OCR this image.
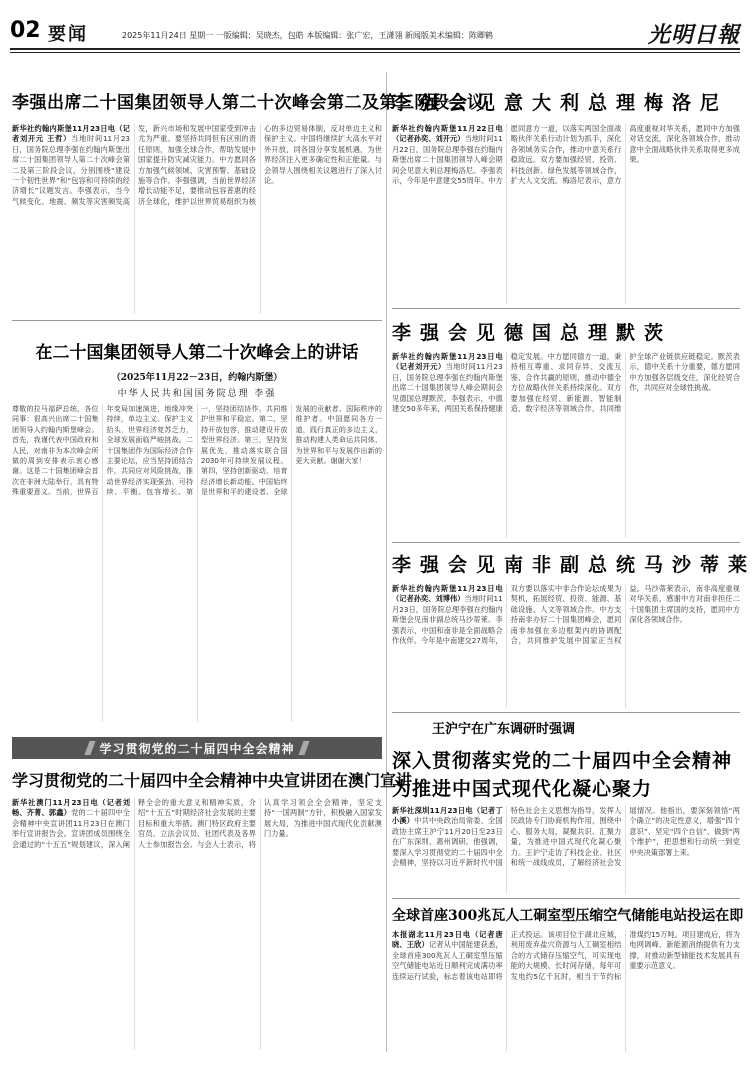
02 要闻	2025年11月24日 星期一 一版编辑：吴晓杰，包皓 本版编辑：张广宏，王潇翎 新闻版美术编辑：陈卿鹤	光明日報
李强出席二十国集团领导人第二十次峰会第二及第三阶段会议
新华社约翰内斯堡11月23日电（记者刘开元 王哲）当地时间11月23日，国务院总理李强在约翰内斯堡出席二十国集团领导人第二十次峰会第二及第三阶段会议，分别围绕“建设一个韧性世界”和“包容和可持续的经济增长”议题发言。李强表示，当今气候变化、地震、频发等灾害频发高发，新兴市场和发展中国家受到冲击尤为严重。要坚持共同但有区别的责任原则，加强全球合作，帮助发展中国家提升防灾减灾能力。中方愿同各方加强气候领域、灾害预警、基础设施等合作。李强强调，当前世界经济增长动能不足，要推动包容普惠的经济全球化，维护以世界贸易组织为核心的多边贸易体制，反对单边主义和保护主义。中国将继续扩大高水平对外开放，同各国分享发展机遇，为世界经济注入更多确定性和正能量。与会领导人围绕相关议题进行了深入讨论。
在二十国集团领导人第二十次峰会上的讲话
（2025年11月22－23日，约翰内斯堡）
中华人民共和国国务院总理 李强
尊敬的拉马福萨总统，各位同事：很高兴出席二十国集团领导人约翰内斯堡峰会。首先，我谨代表中国政府和人民，对南非为本次峰会所做的周到安排表示衷心感谢。这是二十国集团峰会首次在非洲大陆举行，具有特殊重要意义。当前，世界百年变局加速演进，地缘冲突持续，单边主义、保护主义抬头，世界经济复苏乏力，全球发展面临严峻挑战。二十国集团作为国际经济合作主要论坛，应当坚持团结合作，共同应对风险挑战，推动世界经济实现强劲、可持续、平衡、包容增长。第一，坚持团结协作，共同维护世界和平稳定。第二，坚持开放包容，推动建设开放型世界经济。第三，坚持发展优先，推动落实联合国2030年可持续发展议程。第四，坚持创新驱动，培育经济增长新动能。中国始终是世界和平的建设者、全球发展的贡献者、国际秩序的维护者。中国愿同各方一道，践行真正的多边主义，推动构建人类命运共同体，为世界和平与发展作出新的更大贡献。谢谢大家！
学习贯彻党的二十届四中全会精神
学习贯彻党的二十届四中全会精神中央宣讲团在澳门宣讲
新华社澳门11月23日电（记者刘畅、齐菁、郭鑫）党的二十届四中全会精神中央宣讲团11月23日在澳门举行宣讲报告会。宣讲团成员围绕全会通过的“十五五”规划建议，深入阐释全会的重大意义和精神实质，介绍“十五五”时期经济社会发展的主要目标和重大举措。澳门特区政府主要官员、立法会议员、社团代表及各界人士参加报告会。与会人士表示，将认真学习领会全会精神，坚定支持“一国两制”方针，积极融入国家发展大局，为推进中国式现代化贡献澳门力量。
李强会见意大利总理梅洛尼
新华社约翰内斯堡11月22日电（记者孙奕、刘开元）当地时间11月22日，国务院总理李强在约翰内斯堡出席二十国集团领导人峰会期间会见意大利总理梅洛尼。李强表示，今年是中意建交55周年。中方愿同意方一道，以落实两国全面战略伙伴关系行动计划为抓手，深化各领域务实合作，推动中意关系行稳致远。双方要加强经贸、投资、科技创新、绿色发展等领域合作，扩大人文交流。梅洛尼表示，意方高度重视对华关系，愿同中方加强对话交流，深化各领域合作，推动意中全面战略伙伴关系取得更多成果。
李强会见德国总理默茨
新华社约翰内斯堡11月23日电（记者刘开元）当地时间11月23日，国务院总理李强在约翰内斯堡出席二十国集团领导人峰会期间会见德国总理默茨。李强表示，中德建交50多年来，两国关系保持健康稳定发展。中方愿同德方一道，秉持相互尊重、求同存异、交流互鉴、合作共赢的原则，推动中德全方位战略伙伴关系持续深化。双方要加强在经贸、新能源、智能制造、数字经济等领域合作，共同维护全球产业链供应链稳定。默茨表示，德中关系十分重要，德方愿同中方加强各层级交往，深化经贸合作，共同应对全球性挑战。
李强会见南非副总统马沙蒂莱
新华社约翰内斯堡11月23日电（记者孙奕、刘博伟）当地时间11月23日，国务院总理李强在约翰内斯堡会见南非副总统马沙蒂莱。李强表示，中国和南非是全面战略合作伙伴。今年是中南建交27周年，双方要以落实中非合作论坛成果为契机，拓展经贸、投资、能源、基础设施、人文等领域合作。中方支持南非办好二十国集团峰会，愿同南非加强在多边框架内的协调配合，共同维护发展中国家正当权益。马沙蒂莱表示，南非高度重视对华关系，感谢中方对南非担任二十国集团主席国的支持，愿同中方深化各领域合作。
王沪宁在广东调研时强调
深入贯彻落实党的二十届四中全会精神
为推进中国式现代化凝心聚力
新华社深圳11月23日电（记者丁小溪）中共中央政治局常委、全国政协主席王沪宁11月20日至23日在广东深圳、惠州调研。他强调，要深入学习贯彻党的二十届四中全会精神，坚持以习近平新时代中国特色社会主义思想为指导，发挥人民政协专门协商机构作用，围绕中心、服务大局，凝聚共识、汇聚力量，为推进中国式现代化凝心聚力。王沪宁走访了科技企业、社区和统一战线成员，了解经济社会发展情况。他指出，要深刻领悟“两个确立”的决定性意义，增强“四个意识”、坚定“四个自信”、做到“两个维护”，把思想和行动统一到党中央决策部署上来。
全球首座300兆瓦人工硐室型压缩空气储能电站投运在即
本报湖北11月23日电（记者唐晓、王欣）记者从中国能建获悉，全球首座300兆瓦人工硐室型压缩空气储能电站近日顺利完成满功率连续运行试验，标志着该电站即将正式投运。该项目位于湖北应城，利用废弃盐穴资源与人工硐室相结合的方式储存压缩空气，可实现电能的大规模、长时间存储，每年可发电约5亿千瓦时，相当于节约标准煤约15万吨。项目建成后，将为电网调峰、新能源消纳提供有力支撑，对推动新型储能技术发展具有重要示范意义。
